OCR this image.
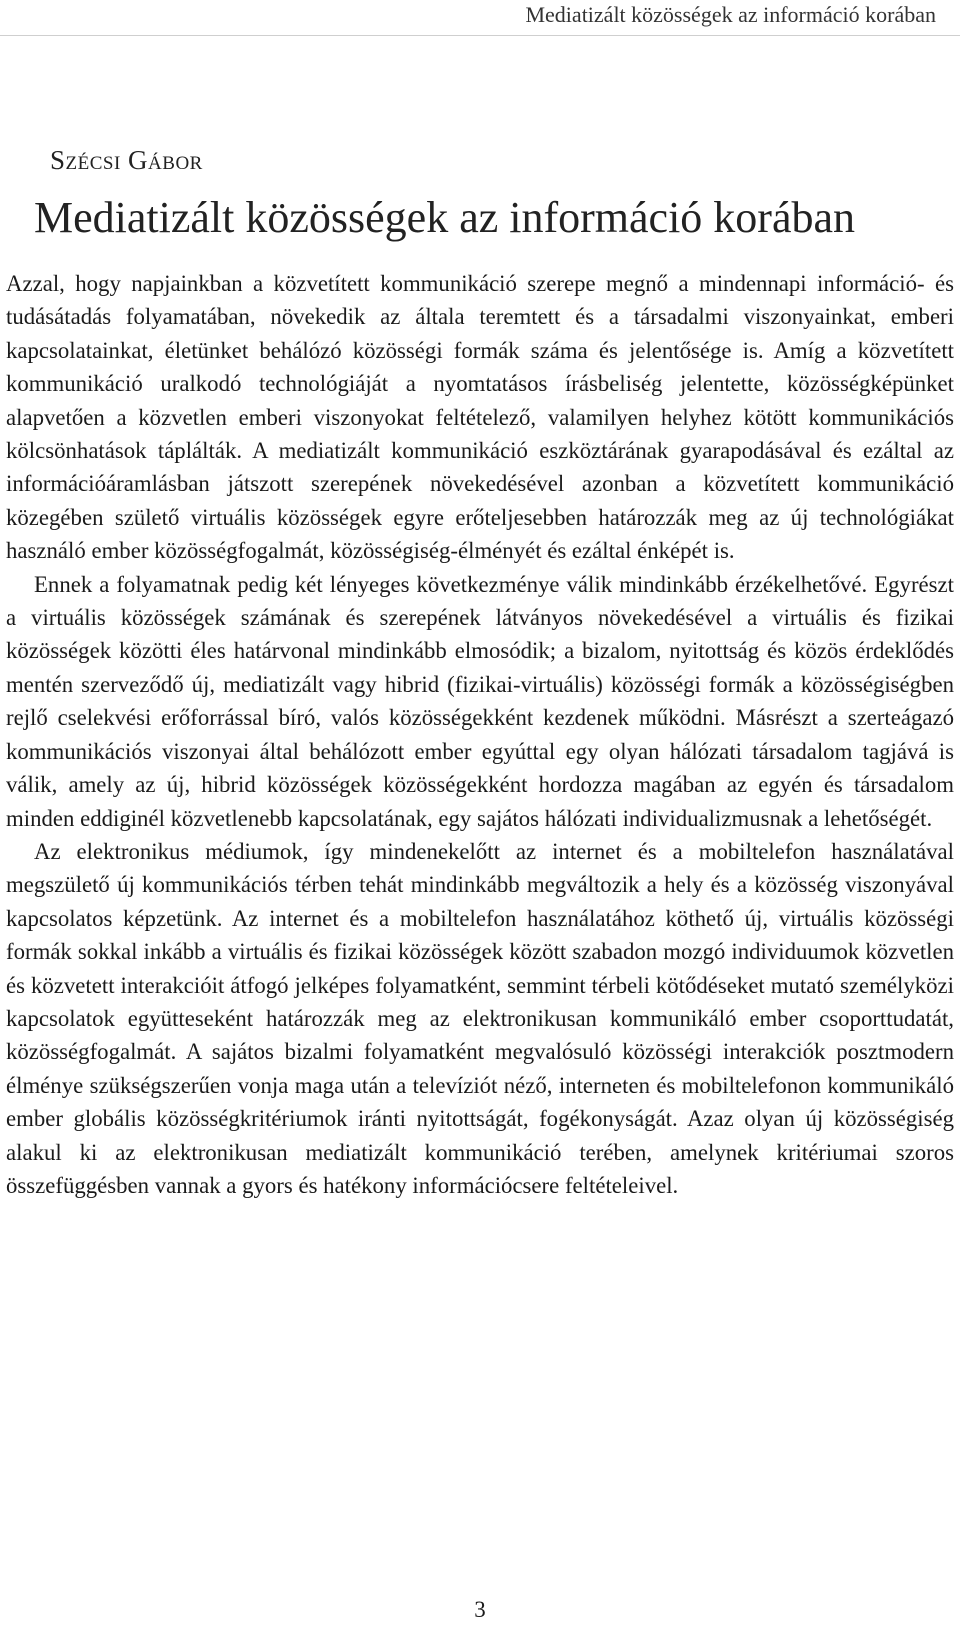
Mediatizált közösségek az információ korában
Szécsi Gábor
Mediatizált közösségek az információ korában

Azzal, hogy napjainkban a közvetített kommunikáció szerepe megnő a mindennapi információ- és tudásátadás folyamatában, növekedik az általa teremtett és a társadalmi viszonyainkat, emberi kapcsolatainkat, életünket behálózó közösségi formák száma és jelentősége is. Amíg a közvetített kommunikáció uralkodó technológiáját a nyomtatásos írásbeliség jelentette, közösségképünket alapvetően a közvetlen emberi viszonyokat feltételező, valamilyen helyhez kötött kommunikációs kölcsönhatások táplálták. A mediatizált kommunikáció eszköztárának gyarapodásával és ezáltal az információáramlásban játszott szerepének növekedésével azonban a közvetített kommunikáció közegében születő virtuális közösségek egyre erőteljesebben határozzák meg az új technológiákat használó ember közösségfogalmát, közösségiség-élményét és ezáltal énképét is.

Ennek a folyamatnak pedig két lényeges következménye válik mindinkább érzékelhetővé. Egyrészt a virtuális közösségek számának és szerepének látványos növekedésével a virtuális és fizikai közösségek közötti éles határvonal mindinkább elmosódik; a bizalom, nyitottság és közös érdeklődés mentén szerveződő új, mediatizált vagy hibrid (fizikai-virtuális) közösségi formák a közösségiségben rejlő cselekvési erőforrással bíró, valós közösségekként kezdenek működni. Másrészt a szerteágazó kommunikációs viszonyai által behálózott ember egyúttal egy olyan hálózati társadalom tagjává is válik, amely az új, hibrid közösségek közösségekként hordozza magában az egyén és társadalom minden eddiginél közvetlenebb kapcsolatának, egy sajátos hálózati individualizmusnak a lehetőségét.

Az elektronikus médiumok, így mindenekelőtt az internet és a mobiltelefon használatával megszülető új kommunikációs térben tehát mindinkább megváltozik a hely és a közösség viszonyával kapcsolatos képzetünk. Az internet és a mobiltelefon használatához köthető új, virtuális közösségi formák sokkal inkább a virtuális és fizikai közösségek között szabadon mozgó individuumok közvetlen és közvetett interakcióit átfogó jelképes folyamatként, semmint térbeli kötődéseket mutató személyközi kapcsolatok együtteseként határozzák meg az elektronikusan kommunikáló ember csoporttudatát, közösségfogalmát. A sajátos bizalmi folyamatként megvalósuló közösségi interakciók posztmodern élménye szükségszerűen vonja maga után a televíziót néző, interneten és mobiltelefonon kommunikáló ember globális közösségkritériumok iránti nyitottságát, fogékonyságát. Azaz olyan új közösségiség alakul ki az elektronikusan mediatizált kommunikáció terében, amelynek kritériumai szoros összefüggésben vannak a gyors és hatékony információcsere feltételeivel.

3
